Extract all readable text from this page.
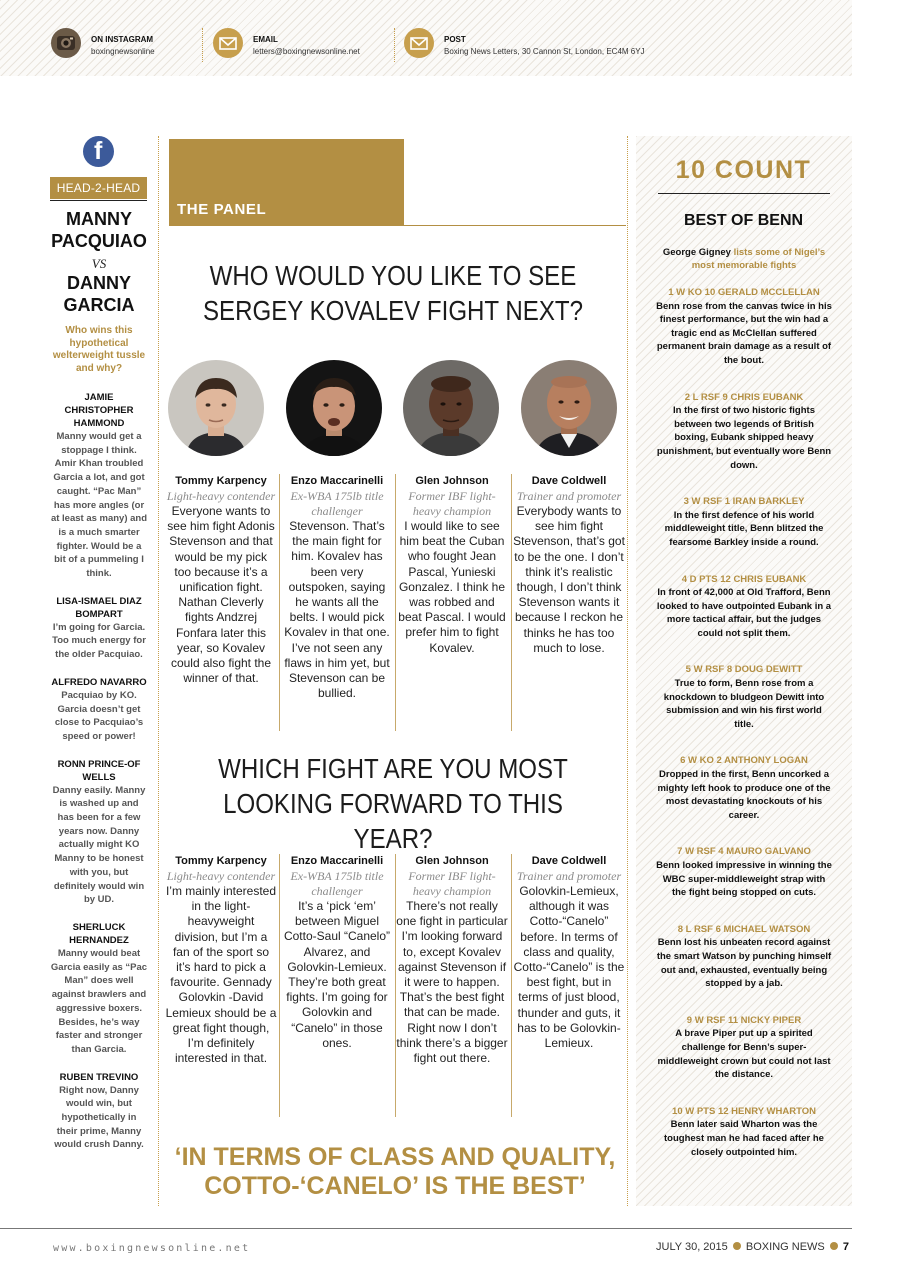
ON INSTAGRAM
boxingnewsonline
EMAIL
letters@boxingnewsonline.net
POST
Boxing News Letters, 30 Cannon St, London, EC4M 6YJ
f
HEAD-2-HEAD
MANNY
PACQUIAO
VS
DANNY
GARCIA
Who wins this hypothetical welterweight tussle and why?
JAMIE CHRISTOPHER HAMMOND
Manny would get a stoppage I think. Amir Khan troubled Garcia a lot, and got caught. “Pac Man” has more angles (or at least as many) and is a much smarter fighter. Would be a bit of a pummeling I think.
LISA-ISMAEL DIAZ BOMPART
I’m going for Garcia. Too much energy for the older Pacquiao.
ALFREDO NAVARRO
Pacquiao by KO. Garcia doesn’t get close to Pacquiao’s speed or power!
RONN PRINCE-OF WELLS
Danny easily. Manny is washed up and has been for a few years now. Danny actually might KO Manny to be honest with you, but definitely would win by UD.
SHERLUCK HERNANDEZ
Manny would beat Garcia easily as “Pac Man” does well against brawlers and aggressive boxers. Besides, he’s way faster and stronger than Garcia.
RUBEN TREVINO
Right now, Danny would win, but hypothetically in their prime, Manny would crush Danny.
THE PANEL
WHO WOULD YOU LIKE TO SEE SERGEY KOVALEV FIGHT NEXT?
Tommy Karpency
Light-heavy contender
Everyone wants to see him fight Adonis Stevenson and that would be my pick too because it’s a unification fight. Nathan Cleverly fights Andzrej Fonfara later this year, so Kovalev could also fight the winner of that.
Enzo Maccarinelli
Ex-WBA 175lb title challenger
Stevenson. That’s the main fight for him. Kovalev has been very outspoken, saying he wants all the belts. I would pick Kovalev in that one. I’ve not seen any flaws in him yet, but Stevenson can be bullied.
Glen Johnson
Former IBF light-heavy champion
I would like to see him beat the Cuban who fought Jean Pascal, Yunieski Gonzalez. I think he was robbed and beat Pascal. I would prefer him to fight Kovalev.
Dave Coldwell
Trainer and promoter
Everybody wants to see him fight Stevenson, that’s got to be the one. I don’t think it’s realistic though, I don’t think Stevenson wants it because I reckon he thinks he has too much to lose.
WHICH FIGHT ARE YOU MOST LOOKING FORWARD TO THIS YEAR?
Tommy Karpency
Light-heavy contender
I’m mainly interested in the light-heavyweight division, but I’m a fan of the sport so it’s hard to pick a favourite. Gennady Golovkin -David Lemieux should be a great fight though, I’m definitely interested in that.
Enzo Maccarinelli
Ex-WBA 175lb title challenger
It’s a ‘pick ‘em’ between Miguel Cotto-Saul “Canelo” Alvarez, and Golovkin-Lemieux. They’re both great fights. I’m going for Golovkin and “Canelo” in those ones.
Glen Johnson
Former IBF light-heavy champion
There’s not really one fight in particular I’m looking forward to, except Kovalev against Stevenson if it were to happen. That’s the best fight that can be made. Right now I don’t think there’s a bigger fight out there.
Dave Coldwell
Trainer and promoter
Golovkin-Lemieux, although it was Cotto-“Canelo” before. In terms of class and quality, Cotto-“Canelo” is the best fight, but in terms of just blood, thunder and guts, it has to be Golovkin-Lemieux.
‘IN TERMS OF CLASS AND QUALITY, COTTO-‘CANELO’ IS THE BEST’
10 COUNT
BEST OF BENN
George Gigney lists some of Nigel’s most memorable fights
1 W KO 10 GERALD MCCLELLAN
Benn rose from the canvas twice in his finest performance, but the win had a tragic end as McClellan suffered permanent brain damage as a result of the bout.
2 L RSF 9 CHRIS EUBANK
In the first of two historic fights between two legends of British boxing, Eubank shipped heavy punishment, but eventually wore Benn down.
3 W RSF 1 IRAN BARKLEY
In the first defence of his world middleweight title, Benn blitzed the fearsome Barkley inside a round.
4 D PTS 12 CHRIS EUBANK
In front of 42,000 at Old Trafford, Benn looked to have outpointed Eubank in a more tactical affair, but the judges could not split them.
5 W RSF 8 DOUG DEWITT
True to form, Benn rose from a knockdown to bludgeon Dewitt into submission and win his first world title.
6 W KO 2 ANTHONY LOGAN
Dropped in the first, Benn uncorked a mighty left hook to produce one of the most devastating knockouts of his career.
7 W RSF 4 MAURO GALVANO
Benn looked impressive in winning the WBC super-middleweight strap with the fight being stopped on cuts.
8 L RSF 6 MICHAEL WATSON
Benn lost his unbeaten record against the smart Watson by punching himself out and, exhausted, eventually being stopped by a jab.
9 W RSF 11 NICKY PIPER
A brave Piper put up a spirited challenge for Benn’s super-middleweight crown but could not last the distance.
10 W PTS 12 HENRY WHARTON
Benn later said Wharton was the toughest man he had faced after he closely outpointed him.
www.boxingnewsonline.net	JULY 30, 2015 BOXING NEWS 7
